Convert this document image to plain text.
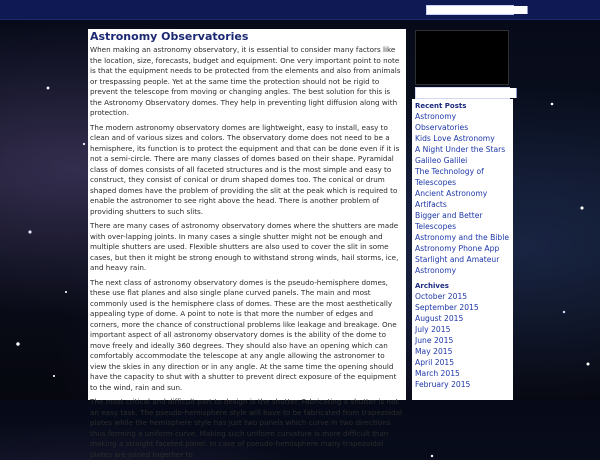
Astronomy Observatories

When making an astronomy observatory, it is essential to consider many factors like the location, size, forecasts, budget and equipment. One very important point to note is that the equipment needs to be protected from the elements and also from animals or trespassing people. Yet at the same time the protection should not be rigid to prevent the telescope from moving or changing angles. The best solution for this is the Astronomy Observatory domes. They help in preventing light diffusion along with protection.

The modern astronomy observatory domes are lightweight, easy to install, easy to clean and of various sizes and colors. The observatory dome does not need to be a hemisphere, its function is to protect the equipment and that can be done even if it is not a semi-circle. There are many classes of domes based on their shape. Pyramidal class of domes consists of all faceted structures and is the most simple and easy to construct, they consist of conical or drum shaped domes too. The conical or drum shaped domes have the problem of providing the slit at the peak which is required to enable the astronomer to see right above the head. There is another problem of providing shutters to such slits.

There are many cases of astronomy observatory domes where the shutters are made with over-lapping joints. In many cases a single shutter might not be enough and multiple shutters are used. Flexible shutters are also used to cover the slit in some cases, but then it might be strong enough to withstand strong winds, hail storms, ice, and heavy rain.

The next class of astronomy observatory domes is the pseudo-hemisphere domes, these use flat planes and also single plane curved panels. The main and most commonly used is the hemisphere class of domes. These are the most aesthetically appealing type of dome. A point to note is that more the number of edges and corners, more the chance of constructional problems like leakage and breakage. One important aspect of all astronomy observatory domes is the ability of the dome to move freely and ideally 360 degrees. They should also have an opening which can comfortably accommodate the telescope at any angle allowing the astronomer to view the skies in any direction or in any angle. At the same time the opening should have the capacity to shut with a shutter to prevent direct exposure of the equipment to the wind, rain and sun.

The most critical and difficult part to design is the shutter. Fabricating a shutter is not an easy task. The pseudo-hemisphere style will have to be fabricated from trapezoidal plates while the hemisphere style has just two panels which curve in two directions thus forming a uniform curve. Making such uniform curvature is more difficult than making a straight faceted panel. In case of pseudo-hemisphere many trapezoidal plates are joined together to

Recent Posts
Astronomy Observatories
Kids Love Astronomy
A Night Under the Stars
Galileo Galilei
The Technology of Telescopes
Ancient Astronomy Artifacts
Bigger and Better Telescopes
Astronomy and the Bible
Astronomy Phone App
Starlight and Amateur Astronomy
Archives
October 2015
September 2015
August 2015
July 2015
June 2015
May 2015
April 2015
March 2015
February 2015
